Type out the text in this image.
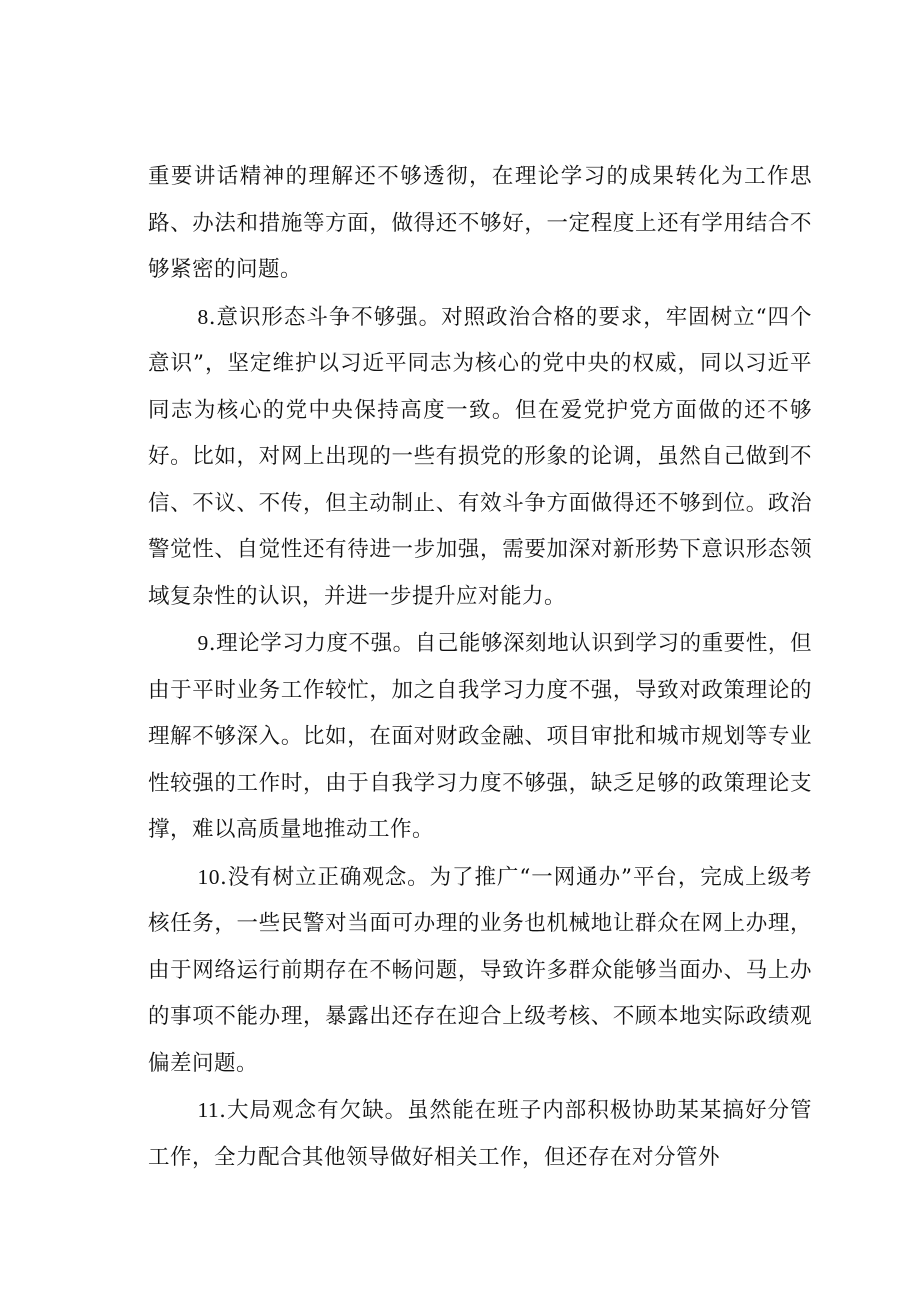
重要讲话精神的理解还不够透彻，在理论学习的成果转化为工作思路、办法和措施等方面，做得还不够好，一定程度上还有学用结合不够紧密的问题。

8.意识形态斗争不够强。对照政治合格的要求，牢固树立“四个意识”，坚定维护以习近平同志为核心的党中央的权威，同以习近平同志为核心的党中央保持高度一致。但在爱党护党方面做的还不够好。比如，对网上出现的一些有损党的形象的论调，虽然自己做到不信、不议、不传，但主动制止、有效斗争方面做得还不够到位。政治警觉性、自觉性还有待进一步加强，需要加深对新形势下意识形态领域复杂性的认识，并进一步提升应对能力。

9.理论学习力度不强。自己能够深刻地认识到学习的重要性，但由于平时业务工作较忙，加之自我学习力度不强，导致对政策理论的理解不够深入。比如，在面对财政金融、项目审批和城市规划等专业性较强的工作时，由于自我学习力度不够强，缺乏足够的政策理论支撑，难以高质量地推动工作。

10.没有树立正确观念。为了推广“一网通办”平台，完成上级考核任务，一些民警对当面可办理的业务也机械地让群众在网上办理，由于网络运行前期存在不畅问题，导致许多群众能够当面办、马上办的事项不能办理，暴露出还存在迎合上级考核、不顾本地实际政绩观偏差问题。

11.大局观念有欠缺。虽然能在班子内部积极协助某某搞好分管工作，全力配合其他领导做好相关工作，但还存在对分管外
